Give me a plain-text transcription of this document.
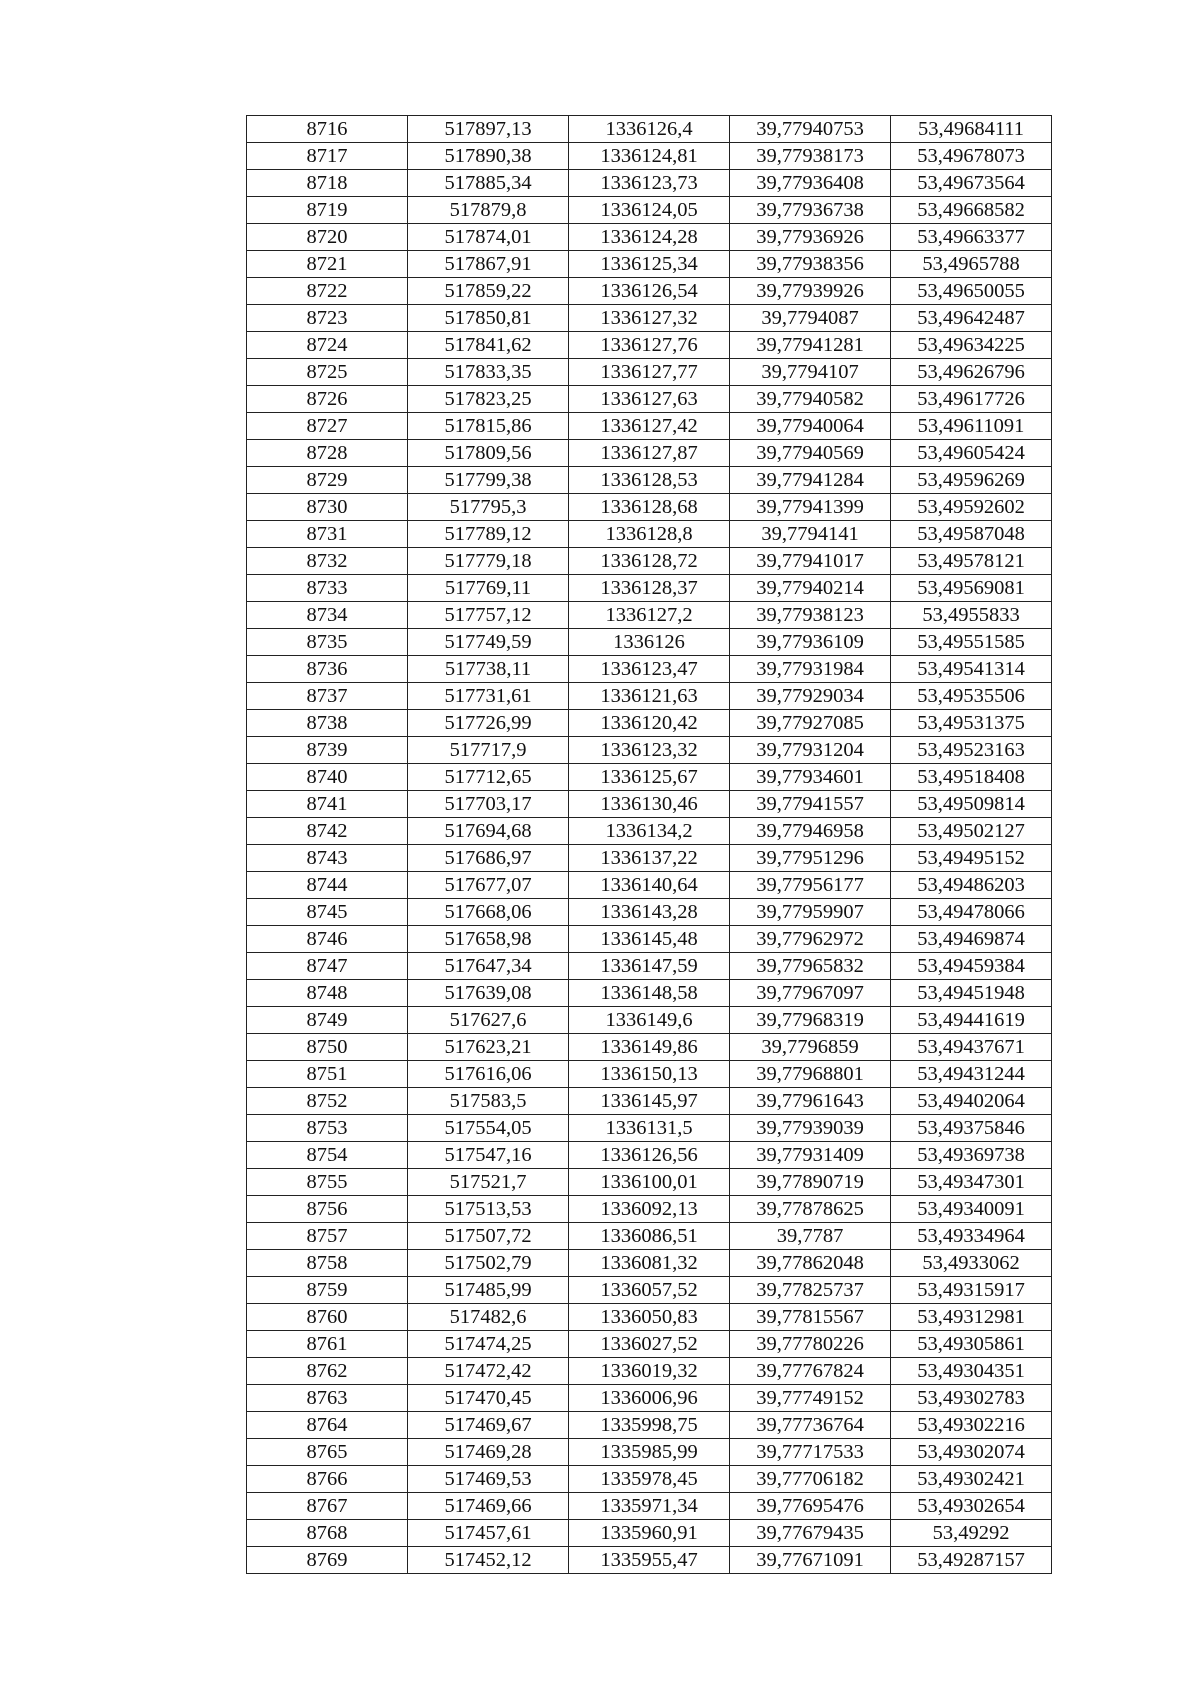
8716	517897,13	1336126,4	39,77940753	53,49684111
8717	517890,38	1336124,81	39,77938173	53,49678073
8718	517885,34	1336123,73	39,77936408	53,49673564
8719	517879,8	1336124,05	39,77936738	53,49668582
8720	517874,01	1336124,28	39,77936926	53,49663377
8721	517867,91	1336125,34	39,77938356	53,4965788
8722	517859,22	1336126,54	39,77939926	53,49650055
8723	517850,81	1336127,32	39,7794087	53,49642487
8724	517841,62	1336127,76	39,77941281	53,49634225
8725	517833,35	1336127,77	39,7794107	53,49626796
8726	517823,25	1336127,63	39,77940582	53,49617726
8727	517815,86	1336127,42	39,77940064	53,49611091
8728	517809,56	1336127,87	39,77940569	53,49605424
8729	517799,38	1336128,53	39,77941284	53,49596269
8730	517795,3	1336128,68	39,77941399	53,49592602
8731	517789,12	1336128,8	39,7794141	53,49587048
8732	517779,18	1336128,72	39,77941017	53,49578121
8733	517769,11	1336128,37	39,77940214	53,49569081
8734	517757,12	1336127,2	39,77938123	53,4955833
8735	517749,59	1336126	39,77936109	53,49551585
8736	517738,11	1336123,47	39,77931984	53,49541314
8737	517731,61	1336121,63	39,77929034	53,49535506
8738	517726,99	1336120,42	39,77927085	53,49531375
8739	517717,9	1336123,32	39,77931204	53,49523163
8740	517712,65	1336125,67	39,77934601	53,49518408
8741	517703,17	1336130,46	39,77941557	53,49509814
8742	517694,68	1336134,2	39,77946958	53,49502127
8743	517686,97	1336137,22	39,77951296	53,49495152
8744	517677,07	1336140,64	39,77956177	53,49486203
8745	517668,06	1336143,28	39,77959907	53,49478066
8746	517658,98	1336145,48	39,77962972	53,49469874
8747	517647,34	1336147,59	39,77965832	53,49459384
8748	517639,08	1336148,58	39,77967097	53,49451948
8749	517627,6	1336149,6	39,77968319	53,49441619
8750	517623,21	1336149,86	39,7796859	53,49437671
8751	517616,06	1336150,13	39,77968801	53,49431244
8752	517583,5	1336145,97	39,77961643	53,49402064
8753	517554,05	1336131,5	39,77939039	53,49375846
8754	517547,16	1336126,56	39,77931409	53,49369738
8755	517521,7	1336100,01	39,77890719	53,49347301
8756	517513,53	1336092,13	39,77878625	53,49340091
8757	517507,72	1336086,51	39,7787	53,49334964
8758	517502,79	1336081,32	39,77862048	53,4933062
8759	517485,99	1336057,52	39,77825737	53,49315917
8760	517482,6	1336050,83	39,77815567	53,49312981
8761	517474,25	1336027,52	39,77780226	53,49305861
8762	517472,42	1336019,32	39,77767824	53,49304351
8763	517470,45	1336006,96	39,77749152	53,49302783
8764	517469,67	1335998,75	39,77736764	53,49302216
8765	517469,28	1335985,99	39,77717533	53,49302074
8766	517469,53	1335978,45	39,77706182	53,49302421
8767	517469,66	1335971,34	39,77695476	53,49302654
8768	517457,61	1335960,91	39,77679435	53,49292
8769	517452,12	1335955,47	39,77671091	53,49287157
